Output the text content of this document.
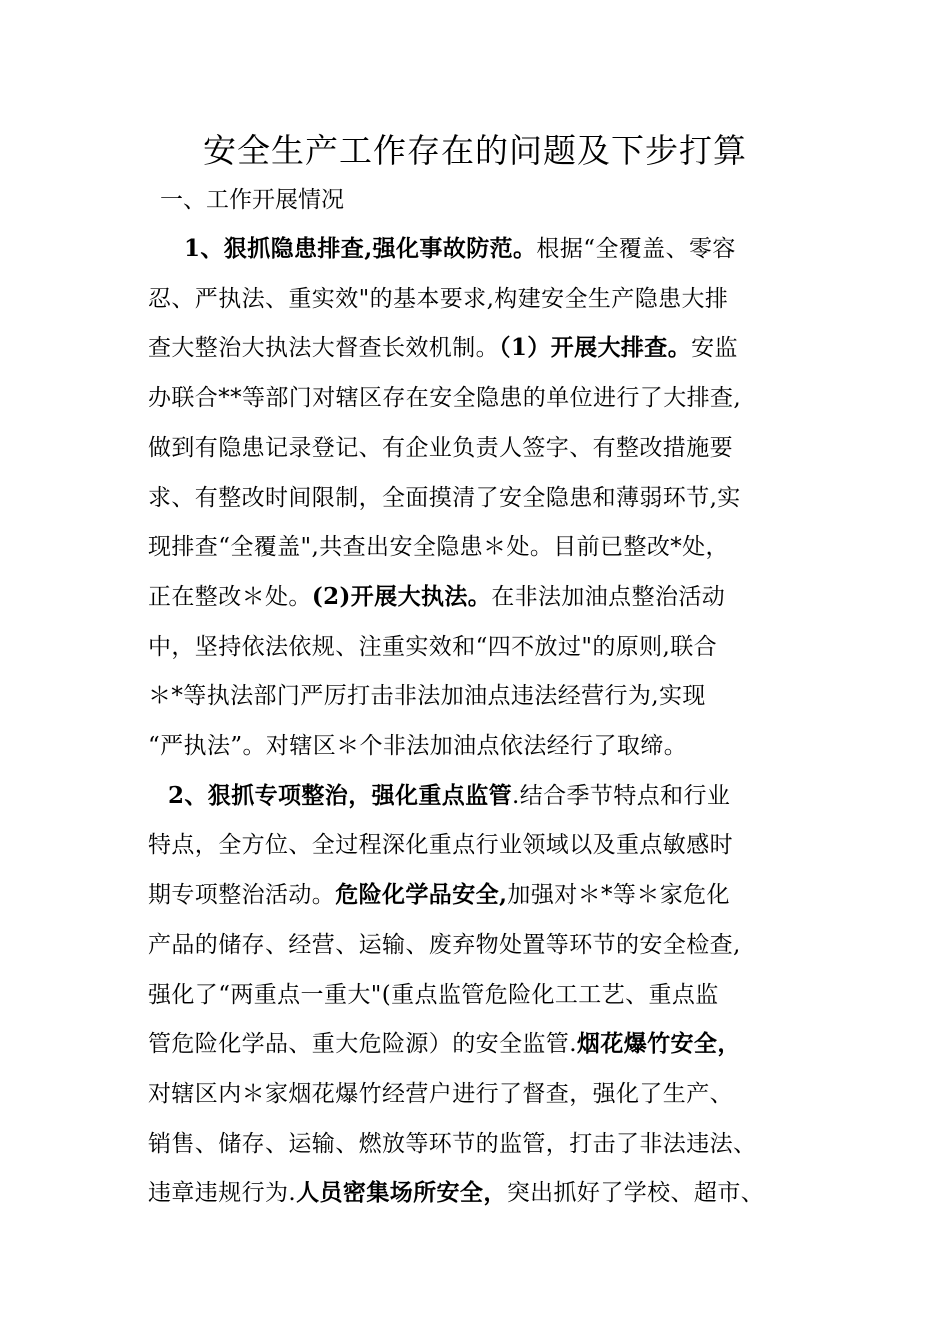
安全生产工作存在的问题及下步打算
一、工作开展情况
1、狠抓隐患排查,强化事故防范。根据“全覆盖、零容
忍、严执法、重实效"的基本要求,构建安全生产隐患大排
查大整治大执法大督查长效机制。（1）开展大排查。安监
办联合**等部门对辖区存在安全隐患的单位进行了大排查,
做到有隐患记录登记、有企业负责人签字、有整改措施要
求、有整改时间限制，全面摸清了安全隐患和薄弱环节,实
现排查“全覆盖",共查出安全隐患＊处。目前已整改*处，
正在整改＊处。(2)开展大执法。在非法加油点整治活动
中，坚持依法依规、注重实效和“四不放过"的原则,联合
＊*等执法部门严厉打击非法加油点违法经营行为,实现
“严执法”。对辖区＊个非法加油点依法经行了取缔。
2、狠抓专项整治，强化重点监管.结合季节特点和行业
特点，全方位、全过程深化重点行业领域以及重点敏感时
期专项整治活动。危险化学品安全,加强对＊*等＊家危化
产品的储存、经营、运输、废弃物处置等环节的安全检查,
强化了“两重点一重大"(重点监管危险化工工艺、重点监
管危险化学品、重大危险源）的安全监管.烟花爆竹安全，
对辖区内＊家烟花爆竹经营户进行了督查，强化了生产、
销售、储存、运输、燃放等环节的监管，打击了非法违法、
违章违规行为.人员密集场所安全，突出抓好了学校、超市、
